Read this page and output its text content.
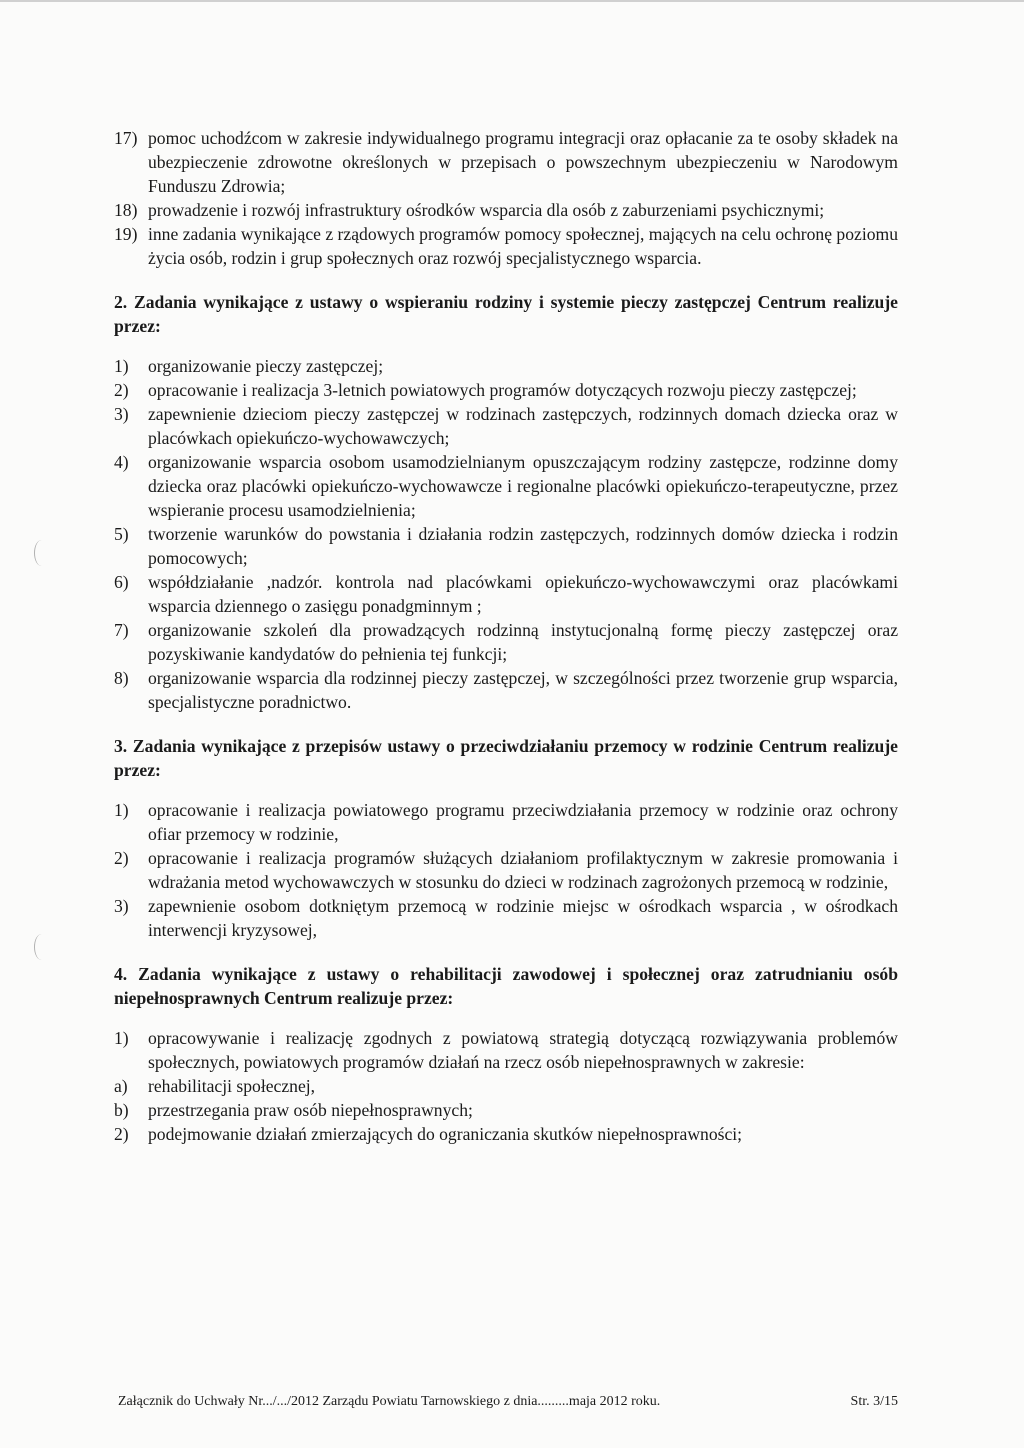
17) pomoc uchodźcom w zakresie indywidualnego programu integracji oraz opłacanie za te osoby składek na ubezpieczenie zdrowotne określonych w przepisach o powszechnym ubezpieczeniu w Narodowym Funduszu Zdrowia;
18) prowadzenie i rozwój infrastruktury ośrodków wsparcia dla osób z zaburzeniami psychicznymi;
19) inne zadania wynikające z rządowych programów pomocy społecznej, mających na celu ochronę poziomu życia osób, rodzin i grup społecznych oraz rozwój specjalistycznego wsparcia.
2. Zadania wynikające z ustawy o wspieraniu rodziny i systemie pieczy zastępczej Centrum realizuje przez:
1) organizowanie pieczy zastępczej;
2) opracowanie i realizacja 3-letnich powiatowych programów dotyczących rozwoju pieczy zastępczej;
3) zapewnienie dzieciom pieczy zastępczej w rodzinach zastępczych, rodzinnych domach dziecka oraz w placówkach opiekuńczo-wychowawczych;
4) organizowanie wsparcia osobom usamodzielnianym opuszczającym rodziny zastępcze, rodzinne domy dziecka oraz placówki opiekuńczo-wychowawcze i regionalne placówki opiekuńczo-terapeutyczne, przez wspieranie procesu usamodzielnienia;
5) tworzenie warunków do powstania i działania rodzin zastępczych, rodzinnych domów dziecka i rodzin pomocowych;
6) współdziałanie ,nadzór. kontrola nad placówkami opiekuńczo-wychowawczymi oraz placówkami wsparcia dziennego o zasięgu ponadgminnym ;
7) organizowanie szkoleń dla prowadzących rodzinną instytucjonalną formę pieczy zastępczej oraz pozyskiwanie kandydatów do pełnienia tej funkcji;
8) organizowanie wsparcia dla rodzinnej pieczy zastępczej, w szczególności przez tworzenie grup wsparcia, specjalistyczne poradnictwo.
3. Zadania wynikające z przepisów ustawy o przeciwdziałaniu przemocy w rodzinie Centrum realizuje przez:
1) opracowanie i realizacja powiatowego programu przeciwdziałania przemocy w rodzinie oraz ochrony ofiar przemocy w rodzinie,
2) opracowanie i realizacja programów służących działaniom profilaktycznym w zakresie promowania i wdrażania metod wychowawczych w stosunku do dzieci w rodzinach zagrożonych przemocą w rodzinie,
3) zapewnienie osobom dotkniętym przemocą w rodzinie miejsc w ośrodkach wsparcia , w ośrodkach interwencji kryzysowej,
4. Zadania wynikające z ustawy o rehabilitacji zawodowej i społecznej oraz zatrudnianiu osób niepełnosprawnych Centrum realizuje przez:
1) opracowywanie i realizację zgodnych z powiatową strategią dotyczącą rozwiązywania problemów społecznych, powiatowych programów działań na rzecz osób niepełnosprawnych w zakresie:
a) rehabilitacji społecznej,
b) przestrzegania praw osób niepełnosprawnych;
2) podejmowanie działań zmierzających do ograniczania skutków niepełnosprawności;
Załącznik do Uchwały Nr.../.../2012 Zarządu Powiatu Tarnowskiego z dnia.........maja 2012 roku.	Str. 3/15
